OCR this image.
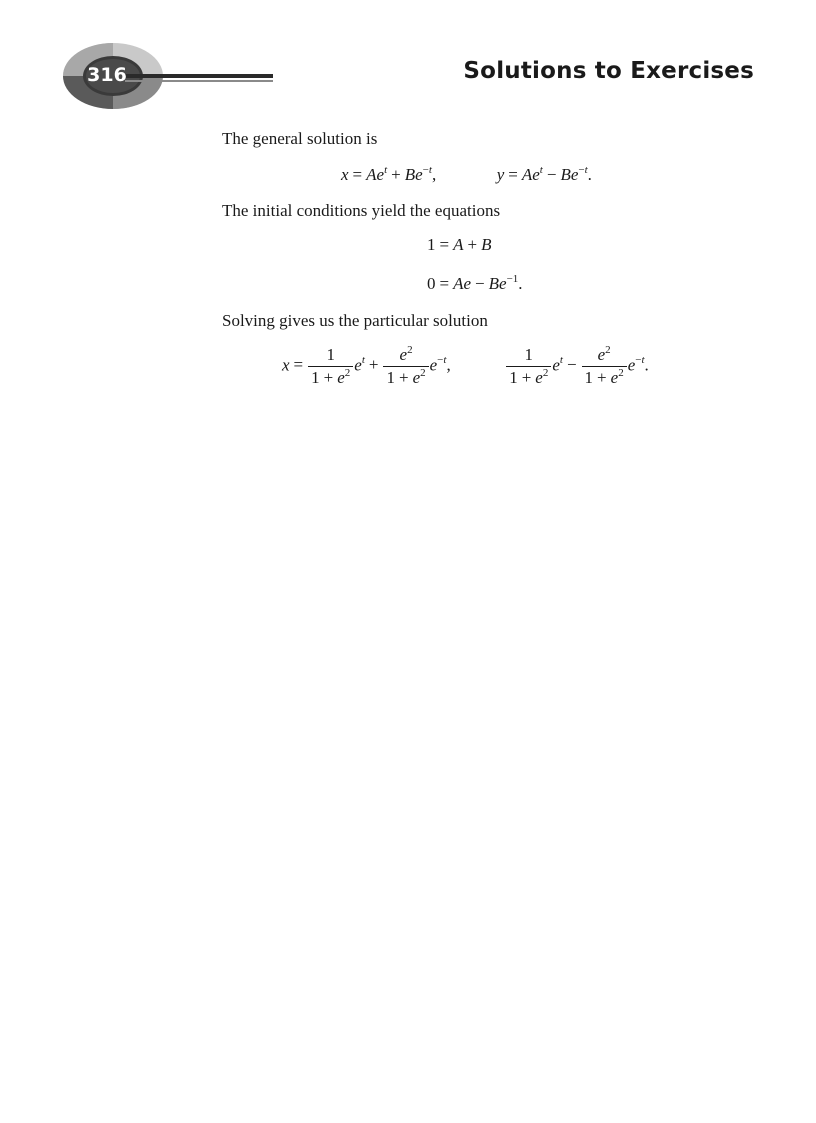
316	Solutions to Exercises
The general solution is
$x = Ae^t + Be^{-t}$,	$y = Ae^t - Be^{-t}$.
The initial conditions yield the equations
1 = A + B
$0 = Ae - Be^{-1}$.
Solving gives us the particular solution
$x = \frac{1}{1 + e^2} e^t + \frac{e^2}{1 + e^2} e^{-t}$,	$\frac{1}{1 + e^2} e^t - \frac{e^2}{1 + e^2} e^{-t}$.
